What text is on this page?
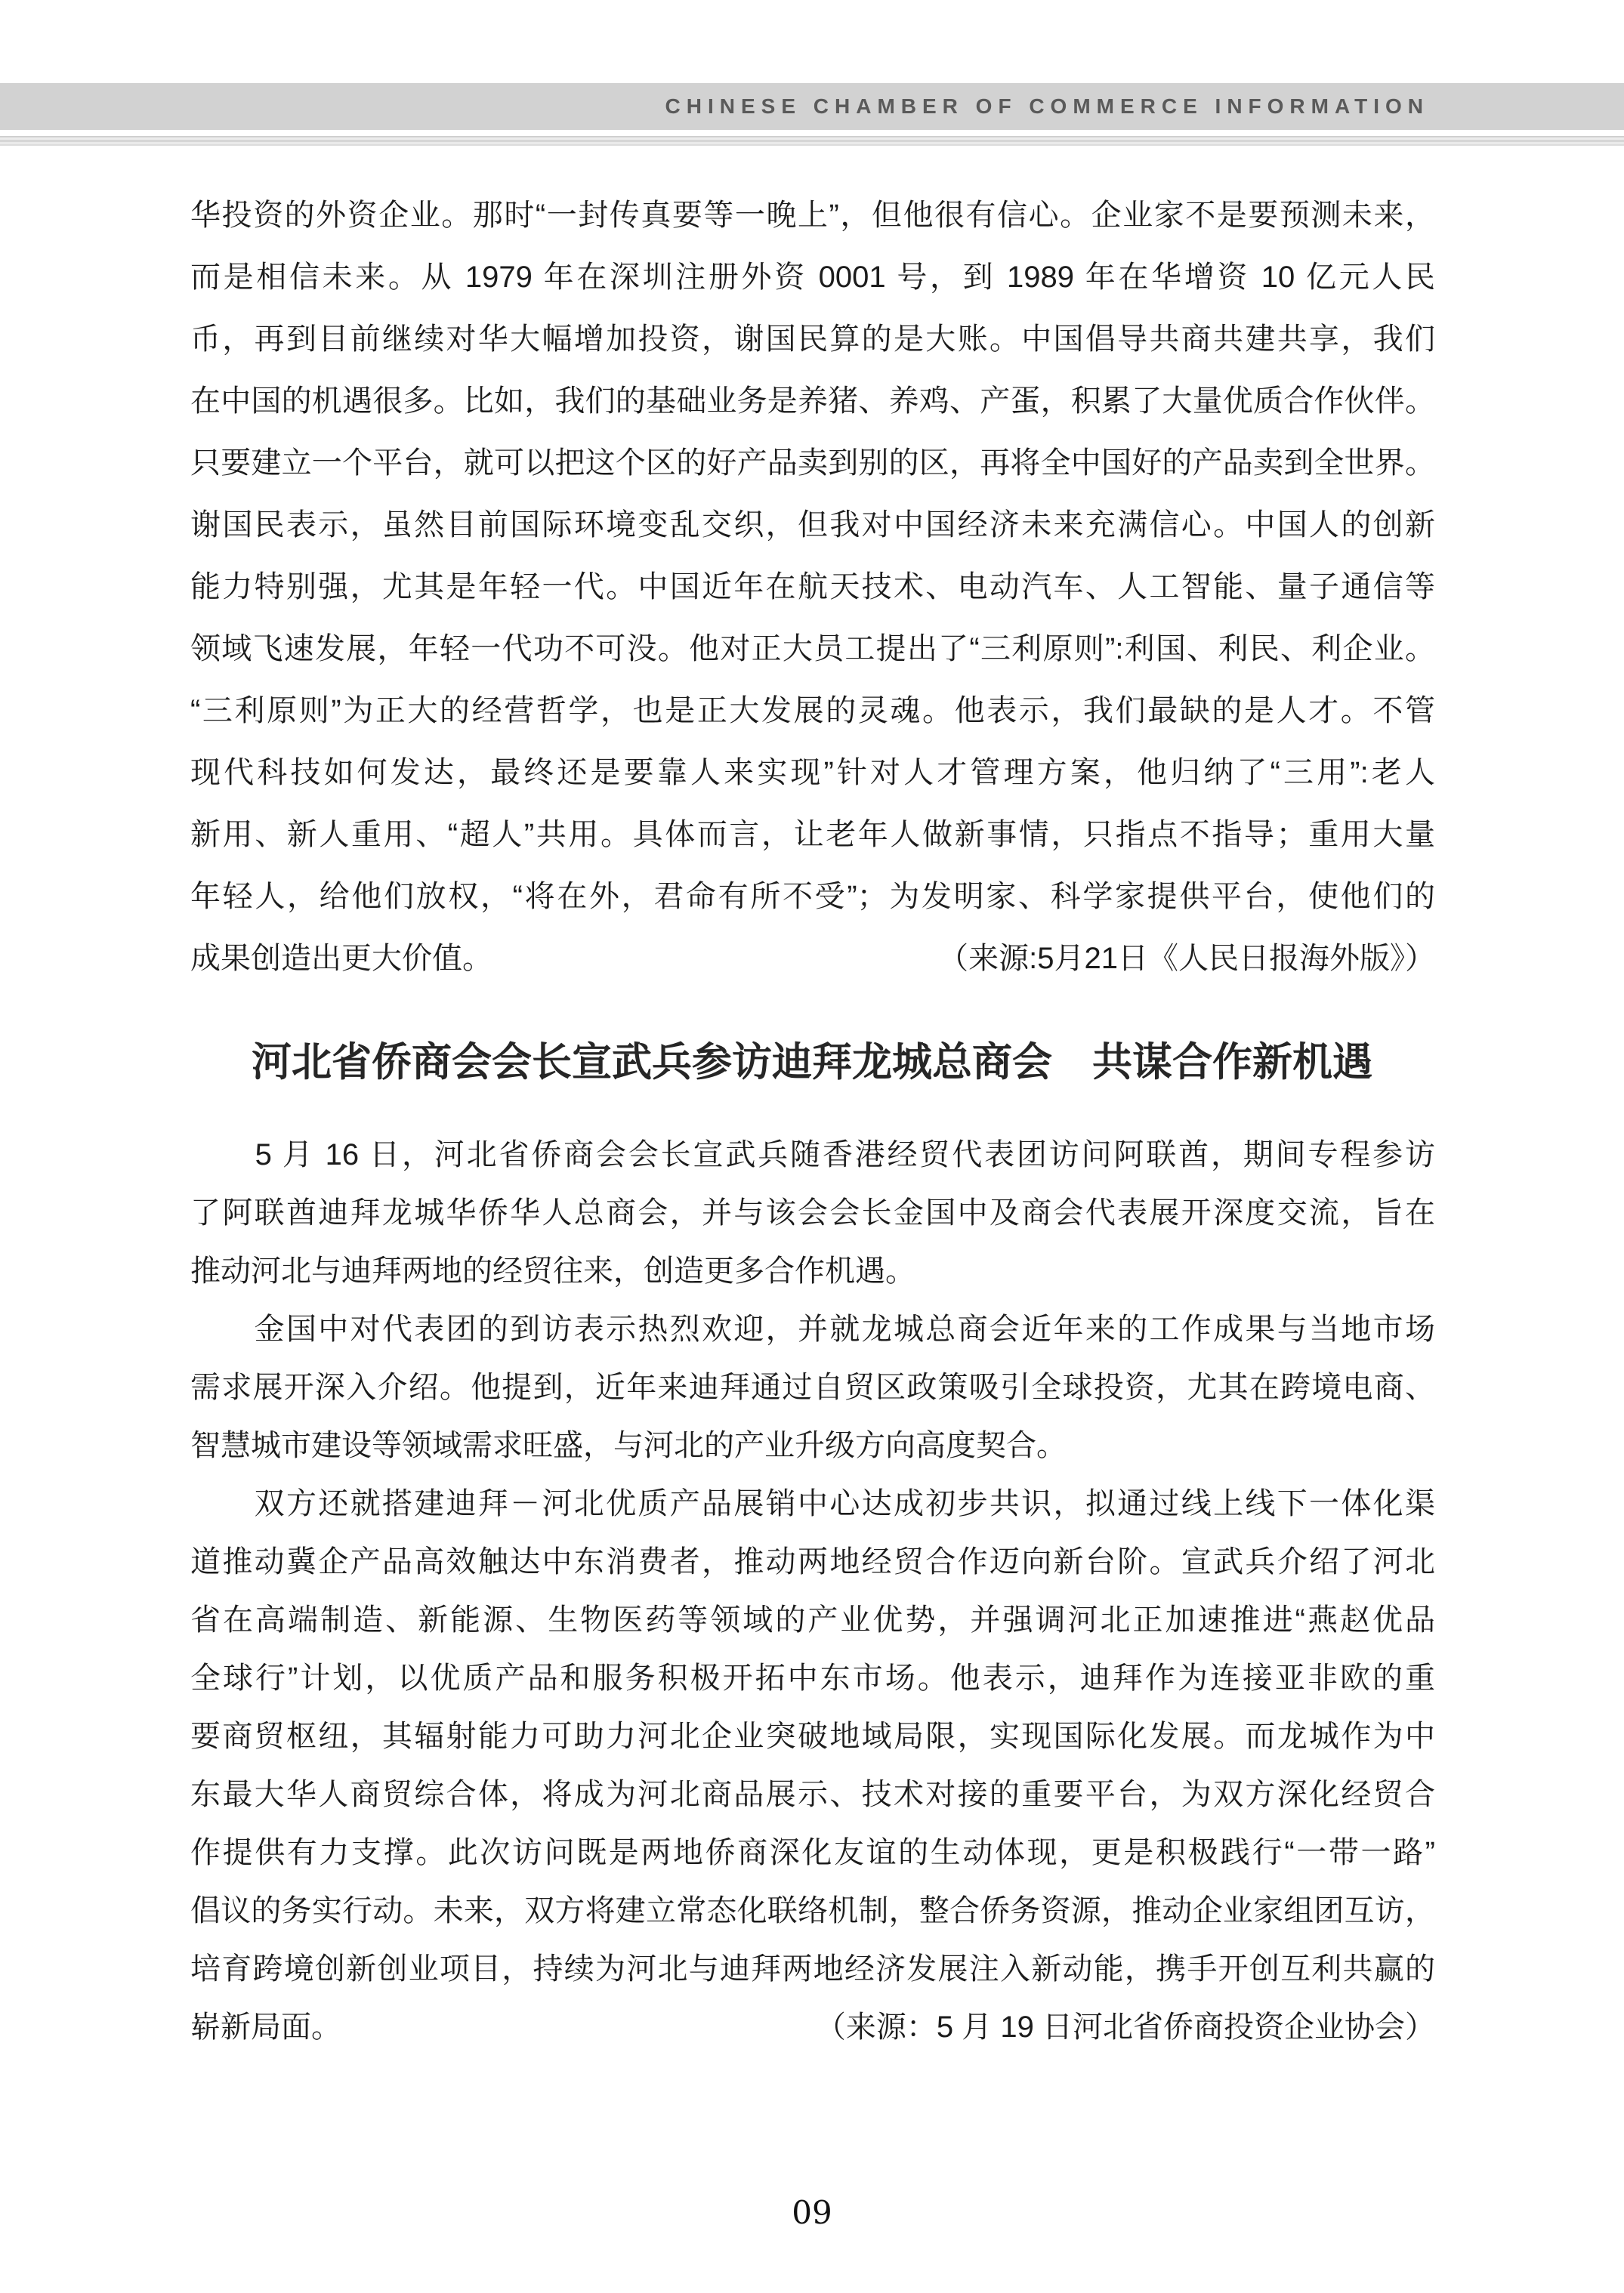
CHINESE CHAMBER OF COMMERCE INFORMATION
华投资的外资企业。那时“一封传真要等一晚上”，但他很有信心。企业家不是要预测未来，
而是相信未来。从 1979 年在深圳注册外资 0001 号，到 1989 年在华增资 10 亿元人民
币，再到目前继续对华大幅增加投资，谢国民算的是大账。中国倡导共商共建共享，我们
在中国的机遇很多。比如，我们的基础业务是养猪、养鸡、产蛋，积累了大量优质合作伙伴。
只要建立一个平台，就可以把这个区的好产品卖到别的区，再将全中国好的产品卖到全世界。
谢国民表示，虽然目前国际环境变乱交织，但我对中国经济未来充满信心。中国人的创新
能力特别强，尤其是年轻一代。中国近年在航天技术、电动汽车、人工智能、量子通信等
领域飞速发展，年轻一代功不可没。他对正大员工提出了“三利原则”:利国、利民、利企业。
“三利原则”为正大的经营哲学，也是正大发展的灵魂。他表示，我们最缺的是人才。不管
现代科技如何发达，最终还是要靠人来实现”针对人才管理方案，他归纳了“三用”:老人
新用、新人重用、“超人”共用。具体而言，让老年人做新事情，只指点不指导；重用大量
年轻人，给他们放权，“将在外，君命有所不受”；为发明家、科学家提供平台，使他们的
成果创造出更大价值。	（来源:5月21日《人民日报海外版》）
河北省侨商会会长宣武兵参访迪拜龙城总商会　共谋合作新机遇
　　5 月 16 日，河北省侨商会会长宣武兵随香港经贸代表团访问阿联酋，期间专程参访
了阿联酋迪拜龙城华侨华人总商会，并与该会会长金国中及商会代表展开深度交流，旨在
推动河北与迪拜两地的经贸往来，创造更多合作机遇。
　　金国中对代表团的到访表示热烈欢迎，并就龙城总商会近年来的工作成果与当地市场
需求展开深入介绍。他提到，近年来迪拜通过自贸区政策吸引全球投资，尤其在跨境电商、
智慧城市建设等领域需求旺盛，与河北的产业升级方向高度契合。
　　双方还就搭建迪拜－河北优质产品展销中心达成初步共识，拟通过线上线下一体化渠
道推动冀企产品高效触达中东消费者，推动两地经贸合作迈向新台阶。宣武兵介绍了河北
省在高端制造、新能源、生物医药等领域的产业优势，并强调河北正加速推进“燕赵优品
全球行”计划，以优质产品和服务积极开拓中东市场。他表示，迪拜作为连接亚非欧的重
要商贸枢纽，其辐射能力可助力河北企业突破地域局限，实现国际化发展。而龙城作为中
东最大华人商贸综合体，将成为河北商品展示、技术对接的重要平台，为双方深化经贸合
作提供有力支撑。此次访问既是两地侨商深化友谊的生动体现，更是积极践行“一带一路”
倡议的务实行动。未来，双方将建立常态化联络机制，整合侨务资源，推动企业家组团互访，
培育跨境创新创业项目，持续为河北与迪拜两地经济发展注入新动能，携手开创互利共赢的
崭新局面。	（来源：5 月 19 日河北省侨商投资企业协会）
09
